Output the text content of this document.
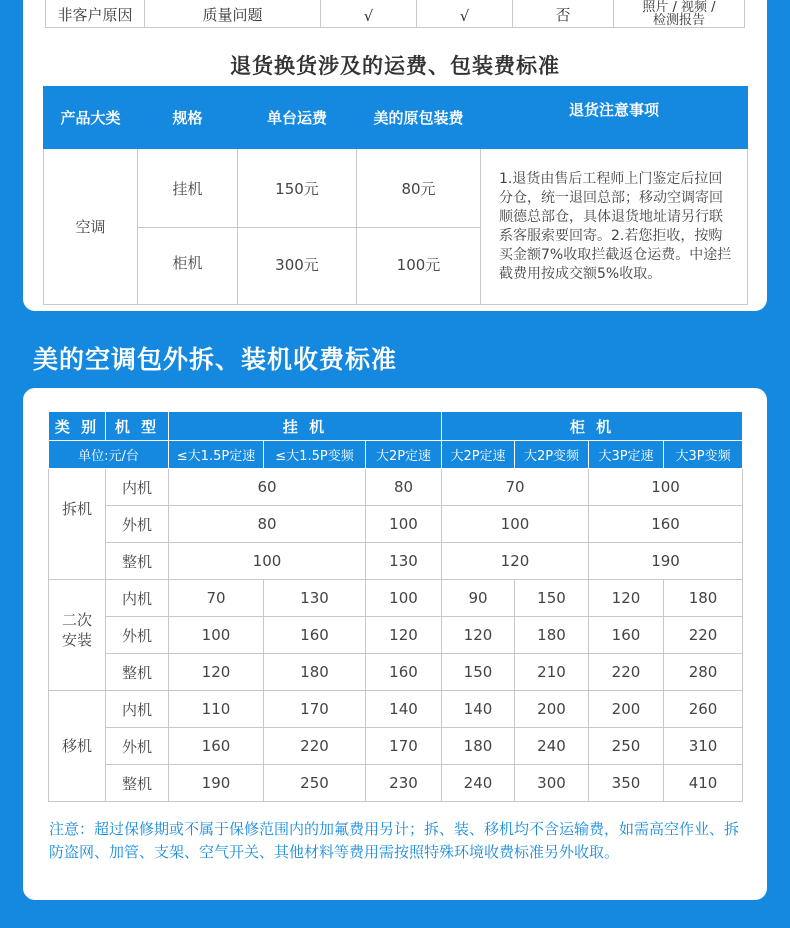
非客户原因	质量问题	√	√	否	照片 / 视频 /
检测报告
退货换货涉及的运费、包装费标准
产品大类	规格	单台运费	美的原包装费	退货注意事项
空调	挂机	150元	80元	1.退货由售后工程师上门鉴定后拉回分仓，统一退回总部；移动空调寄回顺德总部仓，具体退货地址请另行联系客服索要回寄。2.若您拒收，按购买金额7%收取拦截返仓运费。中途拦截费用按成交额5%收取。
	柜机	300元	100元	
美的空调包外拆、装机收费标准
类 别	机 型	挂 机			柜 机			
单位:元/台		≤大1.5P定速	≤大1.5P变频	大2P定速	大2P定速	大2P变频	大3P定速	大3P变频
拆机	内机	60		80	70		100	
	外机	80		100	100		160	
	整机	100		130	120		190	

二次
安装	内机	70	130	100	90	150	120	180
	外机	100	160	120	120	180	160	220
	整机	120	180	160	150	210	220	280
移机	内机	110	170	140	140	200	200	260
	外机	160	220	170	180	240	250	310
	整机	190	250	230	240	300	350	410
注意：超过保修期或不属于保修范围内的加氟费用另计；拆、装、移机均不含运输费，如需高空作业、拆防盗网、加管、支架、空气开关、其他材料等费用需按照特殊环境收费标准另外收取。
